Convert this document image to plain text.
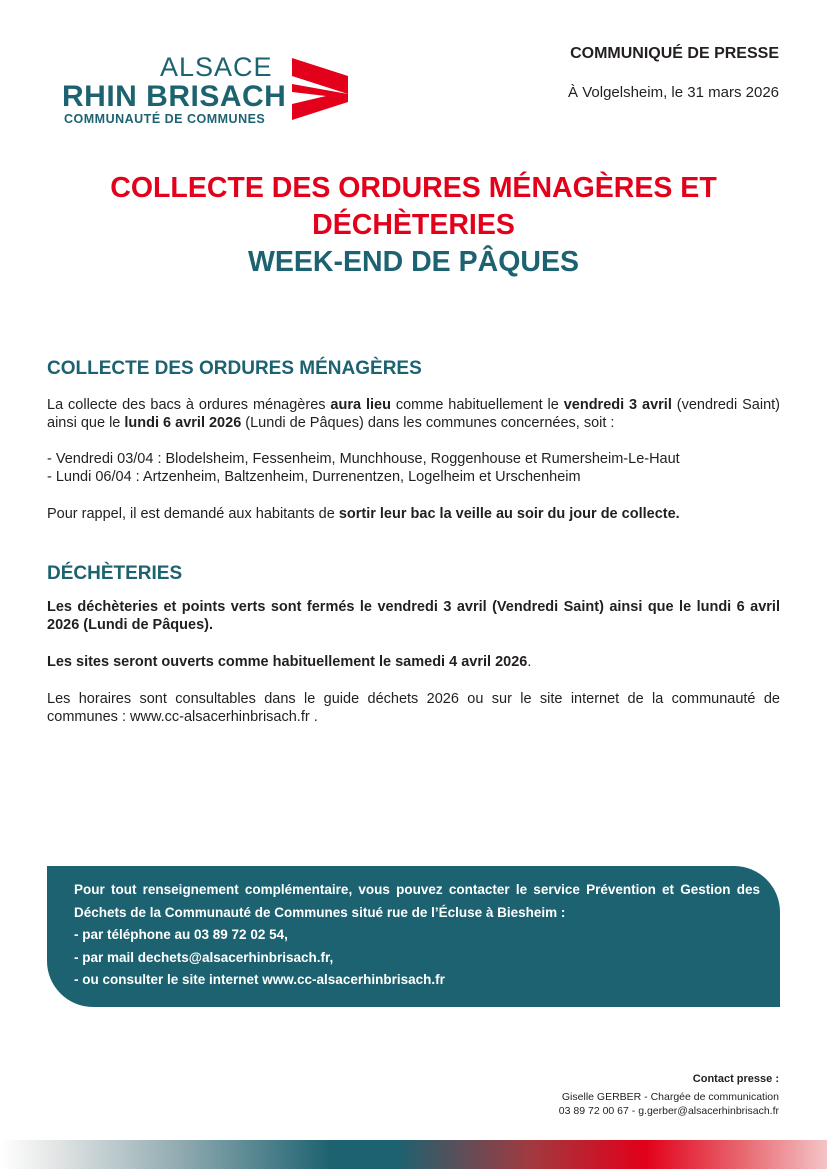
ALSACE
RHIN BRISACH
COMMUNAUTÉ DE COMMUNES
COMMUNIQUÉ DE PRESSE
À Volgelsheim, le 31 mars 2026
COLLECTE DES ORDURES MÉNAGÈRES ET
DÉCHÈTERIES
WEEK-END DE PÂQUES
COLLECTE DES ORDURES MÉNAGÈRES
La collecte des bacs à ordures ménagères aura lieu comme habituellement le vendredi 3 avril (vendredi Saint) ainsi que le lundi 6 avril 2026 (Lundi de Pâques) dans les communes concernées, soit :
- Vendredi 03/04 : Blodelsheim, Fessenheim, Munchhouse, Roggenhouse et Rumersheim-Le-Haut
- Lundi 06/04 : Artzenheim, Baltzenheim, Durrenentzen, Logelheim et Urschenheim
Pour rappel, il est demandé aux habitants de sortir leur bac la veille au soir du jour de collecte.
DÉCHÈTERIES
Les déchèteries et points verts sont fermés le vendredi 3 avril (Vendredi Saint) ainsi que le lundi 6 avril 2026 (Lundi de Pâques).
Les sites seront ouverts comme habituellement le samedi 4 avril 2026.
Les horaires sont consultables dans le guide déchets 2026 ou sur le site internet de la communauté de communes : www.cc-alsacerhinbrisach.fr .
Pour tout renseignement complémentaire, vous pouvez contacter le service Prévention et Gestion des Déchets de la Communauté de Communes situé rue de l’Écluse à Biesheim :
- par téléphone au 03 89 72 02 54,
- par mail dechets@alsacerhinbrisach.fr,
- ou consulter le site internet www.cc-alsacerhinbrisach.fr
Contact presse :
Giselle GERBER - Chargée de communication
03 89 72 00 67 - g.gerber@alsacerhinbrisach.fr
